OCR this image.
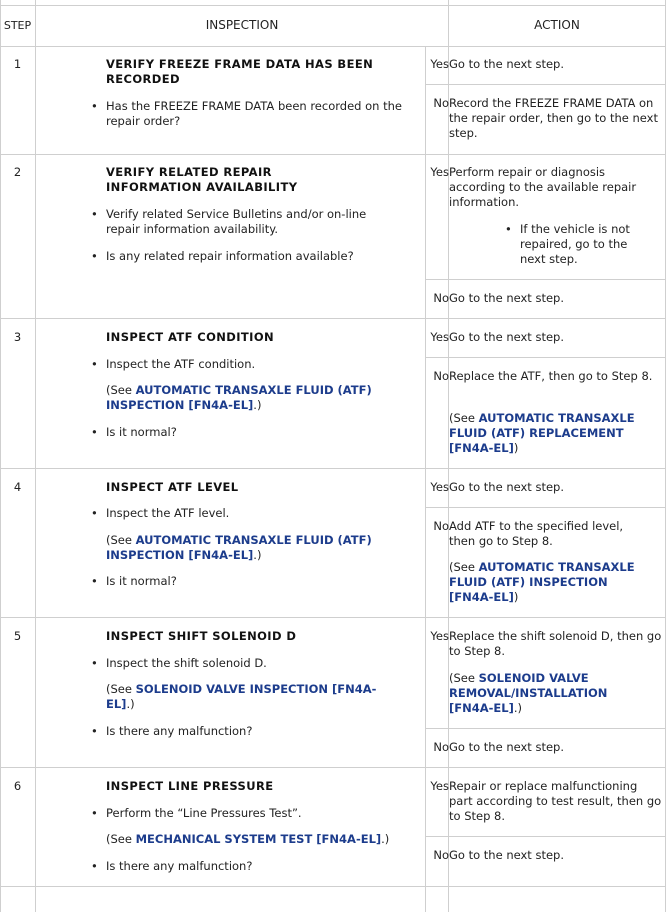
STEP	INSPECTION	ACTION
1	VERIFY FREEZE FRAME DATA HAS BEEN RECORDED
• Has the FREEZE FRAME DATA been recorded on the repair order?
Yes Go to the next step.
No Record the FREEZE FRAME DATA on the repair order, then go to the next step.
2	VERIFY RELATED REPAIR INFORMATION AVAILABILITY
• Verify related Service Bulletins and/or on-line repair information availability.
• Is any related repair information available?
Yes Perform repair or diagnosis according to the available repair information.
• If the vehicle is not repaired, go to the next step.
No Go to the next step.
3	INSPECT ATF CONDITION
• Inspect the ATF condition.
(See AUTOMATIC TRANSAXLE FLUID (ATF) INSPECTION [FN4A-EL].)
• Is it normal?
Yes Go to the next step.
No Replace the ATF, then go to Step 8.
(See AUTOMATIC TRANSAXLE FLUID (ATF) REPLACEMENT [FN4A-EL])
4	INSPECT ATF LEVEL
• Inspect the ATF level.
(See AUTOMATIC TRANSAXLE FLUID (ATF) INSPECTION [FN4A-EL].)
• Is it normal?
Yes Go to the next step.
No Add ATF to the specified level, then go to Step 8.
(See AUTOMATIC TRANSAXLE FLUID (ATF) INSPECTION [FN4A-EL])
5	INSPECT SHIFT SOLENOID D
• Inspect the shift solenoid D.
(See SOLENOID VALVE INSPECTION [FN4A-EL].)
• Is there any malfunction?
Yes Replace the shift solenoid D, then go to Step 8.
(See SOLENOID VALVE REMOVAL/INSTALLATION [FN4A-EL].)
No Go to the next step.
6	INSPECT LINE PRESSURE
• Perform the “Line Pressures Test”.
(See MECHANICAL SYSTEM TEST [FN4A-EL].)
• Is there any malfunction?
Yes Repair or replace malfunctioning part according to test result, then go to Step 8.
No Go to the next step.
